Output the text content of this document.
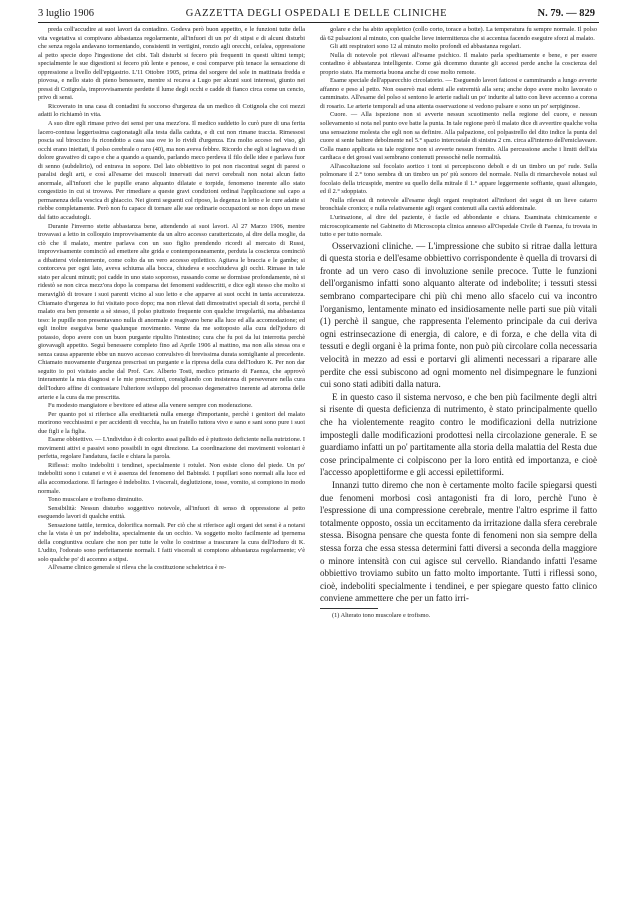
3 luglio 1906	GAZZETTA DEGLI OSPEDALI E DELLE CLINICHE	N. 79. — 829

preda coll'accudire ai suoi lavori da contadino. Godeva però buon appetito, e le funzioni tutte della vita vegetativa si compivano abbastanza regolarmente, all'infuori di un po' di stipsi e di alcuni disturbi che senza regola andavano tormentando, consistenti in vertigini, ronzio agli orecchi, cefalea, oppressione al petto specie dopo l'ingestione dei cibi. Tali disturbi si fecero più frequenti in questi ultimi tempi; specialmente le sue digestioni si fecero più lente e penose, e così comparve più tenace la sensazione di oppressione a livello dell'epigastrio. L'11 Ottobre 1905, prima del sorgere del sole in mattinata fredda e piovosa, e nello stato di pieno benessere, mentre si recava a Lugo per alcuni suoi interessi, giunto nei pressi di Cotignola, improvvisamente perdette il lume degli occhi e cadde di fianco circa come un cencio, privo di sensi.

Ricoverato in una casa di contadini fu soccorso d'urgenza da un medico di Cotignola che coi mezzi adatti lo richiamò in vita.

A suo dire egli rimase privo dei sensi per una mezz'ora. Il medico suddetto lo curò pure di una ferita lacero-contusa leggerissima cagionatagli alla testa dalla caduta, e di cui non rimane traccia. Rimessosi poscia sul biroccino fu ricondotto a casa sua ove io lo rividi d'urgenza. Era molto acceso nel viso, gli occhi erano iniettati, il polso cerebrale o raro (40), ma non aveva febbre. Ricordo che egli si lagnava di un dolore gravativo di capo e che a quando a quando, parlando meco perdeva il filo delle idee e parlava fuor di senno (subdelirio), od entrava in sopore. Del lato obbiettivo io poi non riscontrai segni di paresi o paralisi degli arti, e così all'esame dei muscoli innervati dai nervi cerebrali non notai alcun fatto anormale, all'infuori che le pupille erano alquanto dilatate e torpide, fenomeno inerente allo stato congestizio in cui si trovava. Per rimediare a queste gravi condizioni ordinai l'applicazione sul capo a permanenza della vescica di ghiaccio. Nei giorni seguenti col riposo, la degenza in letto e le cure adatte si riebbe completamente. Però non fu capace di tornare alle sue ordinarie occupazioni se non dopo un mese dal fatto accadutogli.

Durante l'inverno stette abbastanza bene, attendendo ai suoi lavori. Al 27 Marzo 1906, mentre trovavasi a letto in colloquio improvvisamente da un altro accesso caratterizzato, al dire della moglie, da ciò che il malato, mentre parlava con un suo figlio prendendo ricordi al mercato di Russi, improvvisamente cominciò ad emettere alte grida e contemporaneamente, perduta la coscienza cominciò a dibattersi violentemente, come colto da un vero accesso epilettico. Agitava le braccia e le gambe; si contorceva per ogni lato, aveva schiuma alla bocca, chiudeva e socchiudeva gli occhi. Rimase in tale stato per alcuni minuti; poi cadde in uno stato soporoso, russando come se dormisse profondamente, nè si ridestò se non circa mezz'ora dopo la comparsa dei fenomeni suddescritti, e dice egli stesso che molto si meravigliò di trovare i suoi parenti vicino al suo letto e che apparve ai suoi occhi in tanta accuratezza. Chiamato d'urgenza io fui visitato poco dopo; ma non rilevai dati dimostrativi speciali di sorta, perchè il malato era ben presente a sè stesso, il polso piuttosto frequente con qualche irregolarità, ma abbastanza teso: le pupille non presentavano nulla di anormale e reagivano bene alla luce ed alla accomodazione; ed egli inoltre eseguiva bene qualunque movimento. Venne da me sottoposto alla cura dell'joduro di potassio, dopo avere con un buon purgante ripulito l'intestino; cura che fu poi da lui interrotta perchè giovavagli appetito. Seguì benessere completo fino ad Aprile 1906 al mattino, ma non alla stessa ora e senza causa apparente ebbe un nuovo accesso convulsivo di brevissima durata somigliante al precedente. Chiamato nuovamente d'urgenza prescrissi un purgante e la ripresa della cura dell'Ioduro K. Per non dar seguito io poi visitato anche dal Prof. Cav. Alberto Tosti, medico primario di Faenza, che approvò interamente la mia diagnosi e le mie prescrizioni, consigliando con insistenza di perseverare nella cura dell'Ioduro affine di contrastare l'ulteriore sviluppo del processo degenerativo inerente ad ateroma delle arterie e la cura da me prescritta.

Fu modesto mangiatore e bevitore ed attese alla venere sempre con moderazione.

Per quanto poi si riferisce alla ereditarietà nulla emerge d'importante, perchè i genitori del malato morirono vecchissimi e per accidenti di vecchia, ha un fratello tuttora vivo e sano e sani sono pure i suoi due figli e la figlia.

Esame obbiettivo. — L'individuo è di colorito assai pallido ed è piuttosto deficiente nella nutrizione. I movimenti attivi e passivi sono possibili in ogni direzione. La coordinazione dei movimenti volontari è perfetta, regolare l'andatura, facile e chiara la parola.

Riflessi: molto indeboliti i tendinei, specialmente i rotulei. Non esiste clono del piede. Un po' indeboliti sono i cutanei e vi è assenza del fenomeno del Babinski. I pupillari sono normali alla luce ed alla accomodazione. Il faringeo è indebolito. I viscerali, deglutizione, tosse, vomito, si compiono in modo normale.

Tono muscolare e trofismo diminuito.

Sensibilità: Nessun disturbo soggettivo notevole, all'infuori di senso di oppressione al petto eseguendo lavori di qualche entità.

Sensazione tattile, termica, dolorifica normali. Per ciò che si riferisce agli organi dei sensi è a notarsi che la vista è un po' indebolita, specialmente da un occhio. Va soggetto molto facilmente ad ipernema della congiuntiva oculare che non per tutte le volte lo costrinse a trascurare la cura dell'Ioduro di K. L'udito, l'odorato sono perfettamente normali. I fatti viscerali si compiono abbastanza regolarmente; v'è solo qualche po' di accenno a stipsi.

All'esame clinico generale si rileva che la costituzione scheletrica è re-

golare e che ha abito apopletico (collo corto, torace a botte). La temperatura fu sempre normale. Il polso dà 62 pulsazioni al minuto, con qualche lieve intermittenza che si accentua facendo eseguire sforzi al malato.

Gli atti respiratori sono 12 al minuto molto profondi ed abbastanza regolari.

Nulla di notevole poi rilevasi all'esame psichico. Il malato parla speditamente e bene, e per essere contadino è abbastanza intelligente. Come già dicemmo durante gli accessi perde anche la coscienza del proprio stato. Ha memoria buona anche di cose molto remote.

Esame speciale dell'apparecchio circolatorio. — Eseguendo lavori faticosi e camminando a lungo avverte affanno e peso al petto. Non osservò mai edemi alle estremità alla sera; anche dopo avere molto lavorato o camminato. All'esame del polso si sentono le arterie radiali un po' indurite al tatto con lieve accenno a corona di rosario. Le arterie temporali ad una attenta osservazione si vedono pulsare e sono un po' serpiginose.

Cuore. — Alla ispezione non si avverte nessun scuotimento nella regione del cuore, e nessun sollevamento si nota nel punto ove batte la punta. In tale regione però il malato dice di avvertire qualche volta una sensazione molesta che egli non sa definire. Alla palpazione, col polpastrello del dito indice la punta del cuore si sente battere debolmente nel 5.° spazio intercostale di sinistra 2 cm. circa all'interno dell'emiclaveare. Colla mano applicata su tale regione non si avverte nessun fremito. Alla percussione anche i limiti dell'aia cardiaca e dei grossi vasi sembrano contenuti pressochè nelle normalità.

All'ascoltazione sul focolaio aortico i toni si percepiscono deboli e di un timbro un po' rude. Sulla polmonare il 2.° tono sembra di un timbro un po' più sonoro del normale. Nulla di rimarchevole notasi sul focolaio della tricuspide, mentre su quello della mitrale il 1.° appare leggermente soffiante, quasi allungato, ed il 2.° sdoppiato.

Nulla rilevasi di notevole all'esame degli organi respiratori all'infuori dei segni di un lieve catarro bronchiale cronico; e nulla relativamente agli organi contenuti alla cavità addominale.

L'urinazione, al dire del paziente, è facile ed abbondante e chiara. Esaminata chimicamente e microscopicamente nel Gabinetto di Microscopia clinica annesso all'Ospedale Civile di Faenza, fu trovata in tutto e per tutto normale.

Osservazioni cliniche. — L'impressione che subito si ritrae dalla lettura di questa storia e dell'esame obbiettivo corrispondente è quella di trovarsi di fronte ad un vero caso di involuzione senile precoce. Tutte le funzioni dell'organismo infatti sono alquanto alterate od indebolite; i tessuti stessi sembrano compartecipare chi più chi meno allo sfacelo cui va incontro l'organismo, lentamente minato ed insidiosamente nelle parti sue più vitali (1) perchè il sangue, che rappresenta l'elemento principale da cui deriva ogni estrinsecazione di energia, di calore, e di forza, e che della vita di tessuti e degli organi è la prima fonte, non può più circolare colla necessaria velocità in mezzo ad essi e portarvi gli alimenti necessari a riparare alle perdite che essi subiscono ad ogni momento nel disimpegnare le funzioni cui sono stati adibiti dalla natura.

E in questo caso il sistema nervoso, e che ben più facilmente degli altri si risente di questa deficienza di nutrimento, è stato principalmente quello che ha violentemente reagito contro le modificazioni della nutrizione impostegli dalle modificazioni prodottesi nella circolazione generale. E se guardiamo infatti un po' partitamente alla storia della malattia del Resta due cose principalmente ci colpiscono per la loro entità ed importanza, e cioè l'accesso apoplettiforme e gli accessi epilettiformi.

Innanzi tutto diremo che non è certamente molto facile spiegarsi questi due fenomeni morbosi così antagonisti fra di loro, perchè l'uno è l'espressione di una compressione cerebrale, mentre l'altro esprime il fatto totalmente opposto, ossia un eccitamento da irritazione dalla sfera cerebrale stessa. Bisogna pensare che questa fonte di fenomeni non sia sempre della stessa forza che essa stessa determini fatti diversi a seconda della maggiore o minore intensità con cui agisce sul cervello. Riandando infatti l'esame obbiettivo troviamo subito un fatto molto importante. Tutti i riflessi sono, cioè, indeboliti specialmente i tendinei, e per spiegare questo fatto clinico conviene ammettere che per un fatto irri-

(1) Alterato tono muscolare e trofismo.
